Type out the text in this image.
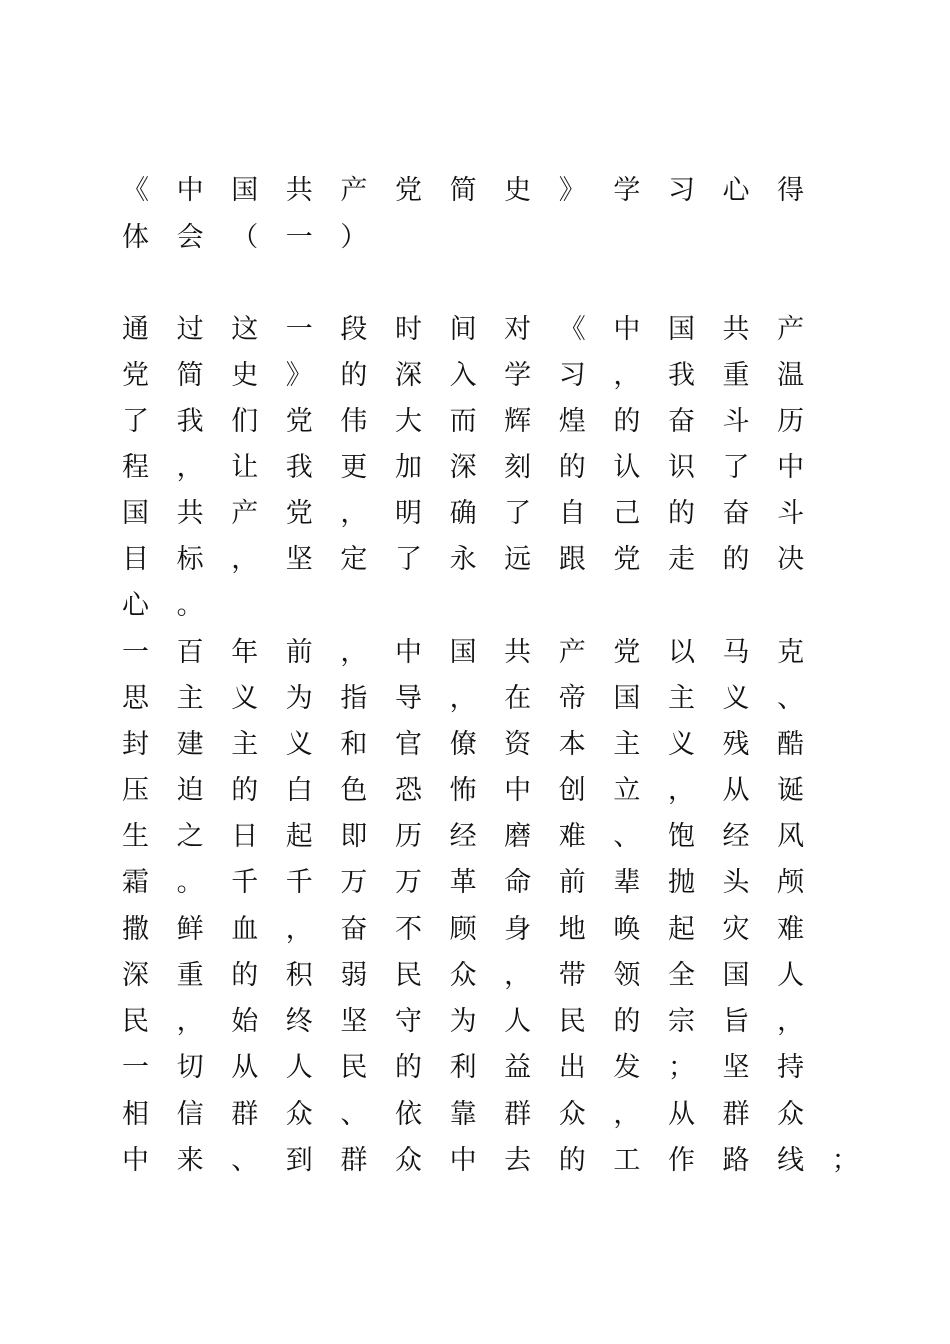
《 中 国 共 产 党 简 史 》 学 习 心 得
体 会 （ 一 ）
通 过 这 一 段 时 间 对 《 中 国 共 产
党 简 史 》 的 深 入 学 习 ， 我 重 温
了 我 们 党 伟 大 而 辉 煌 的 奋 斗 历
程 ， 让 我 更 加 深 刻 的 认 识 了 中
国 共 产 党 ， 明 确 了 自 己 的 奋 斗
目 标 ， 坚 定 了 永 远 跟 党 走 的 决
心 。
一 百 年 前 ， 中 国 共 产 党 以 马 克
思 主 义 为 指 导 ， 在 帝 国 主 义 、
封 建 主 义 和 官 僚 资 本 主 义 残 酷
压 迫 的 白 色 恐 怖 中 创 立 ， 从 诞
生 之 日 起 即 历 经 磨 难 、 饱 经 风
霜 。 千 千 万 万 革 命 前 辈 抛 头 颅
撒 鲜 血 ， 奋 不 顾 身 地 唤 起 灾 难
深 重 的 积 弱 民 众 ， 带 领 全 国 人
民 ， 始 终 坚 守 为 人 民 的 宗 旨 ，
一 切 从 人 民 的 利 益 出 发 ； 坚 持
相 信 群 众 、 依 靠 群 众 ， 从 群 众
中 来 、 到 群 众 中 去 的 工 作 路 线 ；
